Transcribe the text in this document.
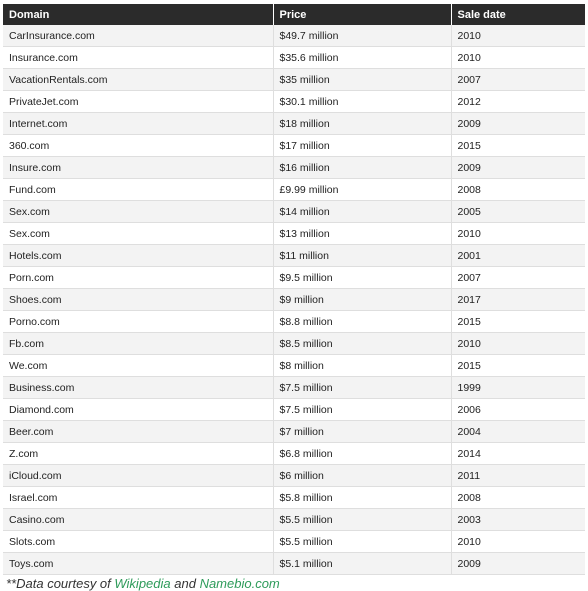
Domain	Price	Sale date
CarInsurance.com	$49.7 million	2010
Insurance.com	$35.6 million	2010
VacationRentals.com	$35 million	2007
PrivateJet.com	$30.1 million	2012
Internet.com	$18 million	2009
360.com	$17 million	2015
Insure.com	$16 million	2009
Fund.com	£9.99 million	2008
Sex.com	$14 million	2005
Sex.com	$13 million	2010
Hotels.com	$11 million	2001
Porn.com	$9.5 million	2007
Shoes.com	$9 million	2017
Porno.com	$8.8 million	2015
Fb.com	$8.5 million	2010
We.com	$8 million	2015
Business.com	$7.5 million	1999
Diamond.com	$7.5 million	2006
Beer.com	$7 million	2004
Z.com	$6.8 million	2014
iCloud.com	$6 million	2011
Israel.com	$5.8 million	2008
Casino.com	$5.5 million	2003
Slots.com	$5.5 million	2010
Toys.com	$5.1 million	2009
**Data courtesy of Wikipedia and Namebio.com
